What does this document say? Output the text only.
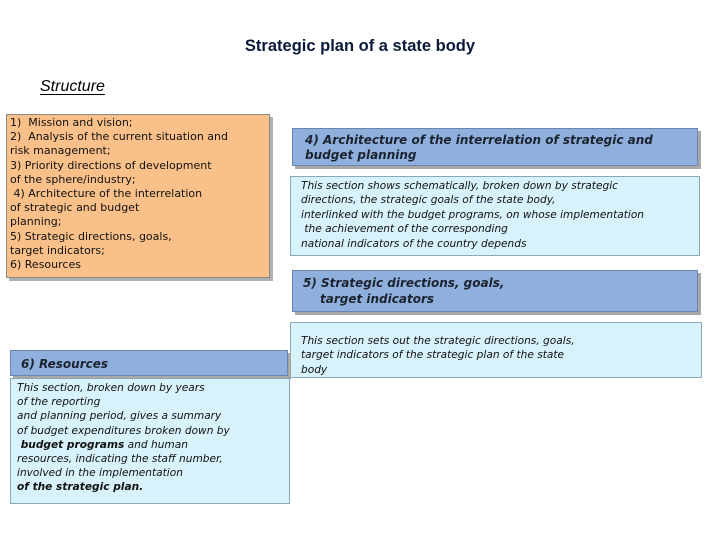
Strategic plan of a state body
Structure
1)  Mission and vision;
2)  Analysis of the current situation and
risk management;
3) Priority directions of development
of the sphere/industry;
4) Architecture of the interrelation
of strategic and budget
planning;
5) Strategic directions, goals,
target indicators;
6) Resources
4) Architecture of the interrelation of strategic and
budget planning
This section shows schematically, broken down by strategic
directions, the strategic goals of the state body,
interlinked with the budget programs, on whose implementation
the achievement of the corresponding
national indicators of the country depends
5) Strategic directions, goals,
target indicators
This section sets out the strategic directions, goals,
target indicators of the strategic plan of the state
body
6) Resources
This section, broken down by years
of the reporting
and planning period, gives a summary
of budget expenditures broken down by
budget programs and human
resources, indicating the staff number,
involved in the implementation
of the strategic plan.
